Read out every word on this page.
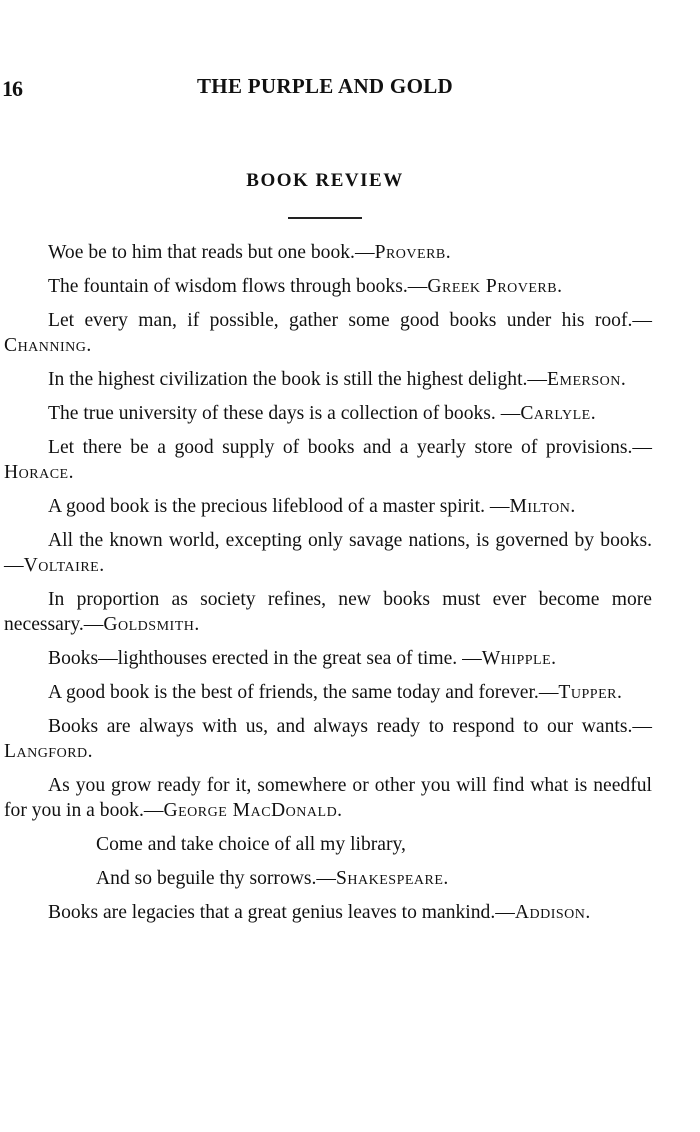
16	THE PURPLE AND GOLD
BOOK REVIEW

Woe be to him that reads but one book.—Proverb.

The fountain of wisdom flows through books.—Greek Proverb.

Let every man, if possible, gather some good books under his roof.—Channing.

In the highest civilization the book is still the highest delight.—Emerson.

The true university of these days is a collection of books. —Carlyle.

Let there be a good supply of books and a yearly store of provisions.—Horace.

A good book is the precious lifeblood of a master spirit. —Milton.

All the known world, excepting only savage nations, is governed by books.—Voltaire.

In proportion as society refines, new books must ever become more necessary.—Goldsmith.

Books—lighthouses erected in the great sea of time. —Whipple.

A good book is the best of friends, the same today and forever.—Tupper.

Books are always with us, and always ready to respond to our wants.—Langford.

As you grow ready for it, somewhere or other you will find what is needful for you in a book.—George MacDonald.

Come and take choice of all my library,

And so beguile thy sorrows.—Shakespeare.

Books are legacies that a great genius leaves to mankind.—Addison.
